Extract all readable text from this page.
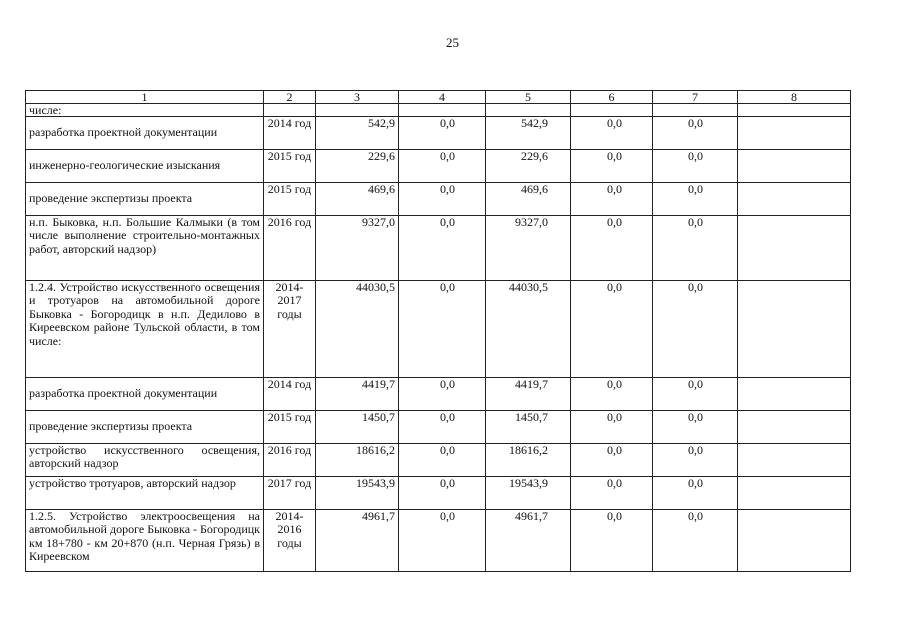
25
1	2	3	4	5	6	7	8
числе:							
разработка проектной документации	2014 год	542,9	0,0	542,9	0,0	0,0	
инженерно-геологические изыскания	2015 год	229,6	0,0	229,6	0,0	0,0	
проведение экспертизы проекта	2015 год	469,6	0,0	469,6	0,0	0,0	
н.п. Быковка, н.п. Большие Калмыки (в том числе выполнение строительно-монтажных работ, авторский надзор)	2016 год	9327,0	0,0	9327,0	0,0	0,0	
1.2.4. Устройство искусственного освещения и тротуаров на автомобильной дороге Быковка - Богородицк в н.п. Дедилово в Киреевском районе Тульской области, в том числе:	2014-2017 годы	44030,5	0,0	44030,5	0,0	0,0	
разработка проектной документации	2014 год	4419,7	0,0	4419,7	0,0	0,0	
проведение экспертизы проекта	2015 год	1450,7	0,0	1450,7	0,0	0,0	
устройство искусственного освещения, авторский надзор	2016 год	18616,2	0,0	18616,2	0,0	0,0	
устройство тротуаров, авторский надзор	2017 год	19543,9	0,0	19543,9	0,0	0,0	
1.2.5. Устройство электроосвещения на автомобильной дороге Быковка - Богородицк км 18+780 - км 20+870 (н.п. Черная Грязь) в Киреевском	2014-2016 годы	4961,7	0,0	4961,7	0,0	0,0	
